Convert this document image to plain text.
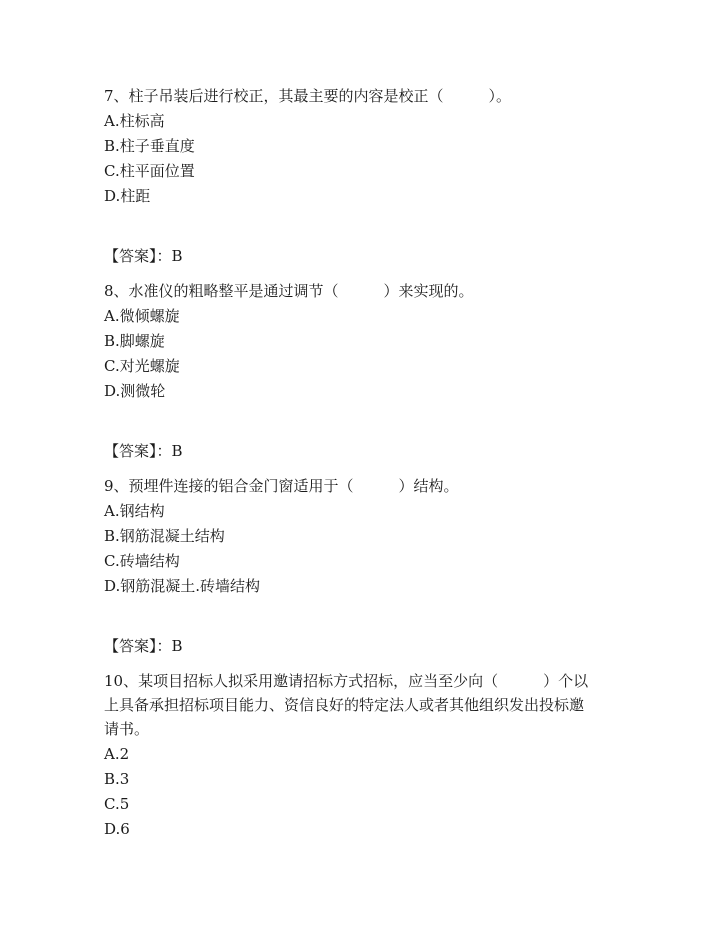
7、柱子吊装后进行校正，其最主要的内容是校正（　　　）。

A.柱标高
B.柱子垂直度
C.柱平面位置
D.柱距
【答案】：B

8、水准仪的粗略整平是通过调节（　　　）来实现的。

A.微倾螺旋
B.脚螺旋
C.对光螺旋
D.测微轮
【答案】：B

9、预埋件连接的铝合金门窗适用于（　　　）结构。

A.钢结构
B.钢筋混凝土结构
C.砖墙结构
D.钢筋混凝土.砖墙结构
【答案】：B

10、某项目招标人拟采用邀请招标方式招标，应当至少向（　　　）个以上具备承担招标项目能力、资信良好的特定法人或者其他组织发出投标邀请书。

A.2
B.3
C.5
D.6
